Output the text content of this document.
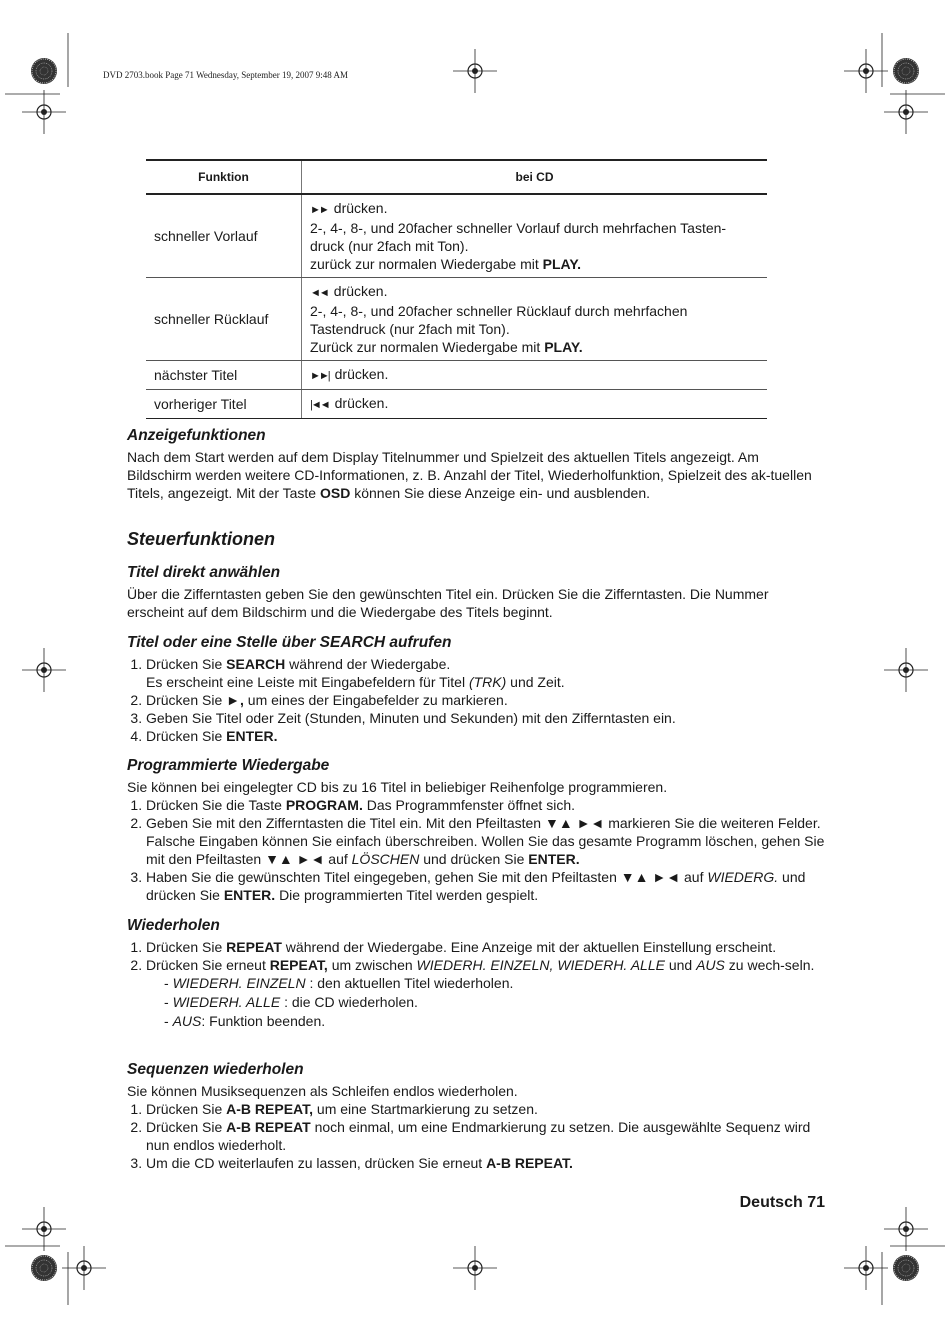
DVD 2703.book Page 71 Wednesday, September 19, 2007 9:48 AM
Funktion	bei CD
schneller Vorlauf	►► drücken.
2-, 4-, 8-, und 20facher schneller Vorlauf durch mehrfachen Tasten-druck (nur 2fach mit Ton).
zurück zur normalen Wiedergabe mit PLAY.
schneller Rücklauf	◄◄ drücken.
2-, 4-, 8-, und 20facher schneller Rücklauf durch mehrfachen Tastendruck (nur 2fach mit Ton).
Zurück zur normalen Wiedergabe mit PLAY.
nächster Titel	►►| drücken.
vorheriger Titel	|◄◄ drücken.
Anzeigefunktionen

Nach dem Start werden auf dem Display Titelnummer und Spielzeit des aktuellen Titels angezeigt. Am Bildschirm werden weitere CD-Informationen, z. B. Anzahl der Titel, Wiederholfunktion, Spielzeit des ak-tuellen Titels, angezeigt. Mit der Taste OSD können Sie diese Anzeige ein- und ausblenden.

Steuerfunktionen
Titel direkt anwählen

Über die Zifferntasten geben Sie den gewünschten Titel ein. Drücken Sie die Zifferntasten. Die Nummer erscheint auf dem Bildschirm und die Wiedergabe des Titels beginnt.

Titel oder eine Stelle über SEARCH aufrufen
1. Drücken Sie SEARCH während der Wiedergabe.
Es erscheint eine Leiste mit Eingabefeldern für Titel (TRK) und Zeit.
2. Drücken Sie ►, um eines der Eingabefelder zu markieren.
3. Geben Sie Titel oder Zeit (Stunden, Minuten und Sekunden) mit den Zifferntasten ein.
4. Drücken Sie ENTER.
Programmierte Wiedergabe

Sie können bei eingelegter CD bis zu 16 Titel in beliebiger Reihenfolge programmieren.

1. Drücken Sie die Taste PROGRAM. Das Programmfenster öffnet sich.
2. Geben Sie mit den Zifferntasten die Titel ein. Mit den Pfeiltasten ▼▲ ►◄ markieren Sie die weiteren Felder. Falsche Eingaben können Sie einfach überschreiben. Wollen Sie das gesamte Programm löschen, gehen Sie mit den Pfeiltasten ▼▲ ►◄ auf LÖSCHEN und drücken Sie ENTER.
3. Haben Sie die gewünschten Titel eingegeben, gehen Sie mit den Pfeiltasten ▼▲ ►◄ auf WIEDERG. und drücken Sie ENTER. Die programmierten Titel werden gespielt.
Wiederholen
1. Drücken Sie REPEAT während der Wiedergabe. Eine Anzeige mit der aktuellen Einstellung erscheint.
2. Drücken Sie erneut REPEAT, um zwischen WIEDERH. EINZELN, WIEDERH. ALLE und AUS zu wech-seln.
- WIEDERH. EINZELN : den aktuellen Titel wiederholen.
- WIEDERH. ALLE : die CD wiederholen.
- AUS: Funktion beenden.
Sequenzen wiederholen

Sie können Musiksequenzen als Schleifen endlos wiederholen.

1. Drücken Sie A-B REPEAT, um eine Startmarkierung zu setzen.
2. Drücken Sie A-B REPEAT noch einmal, um eine Endmarkierung zu setzen. Die ausgewählte Sequenz wird nun endlos wiederholt.
3. Um die CD weiterlaufen zu lassen, drücken Sie erneut A-B REPEAT.
Deutsch 71
